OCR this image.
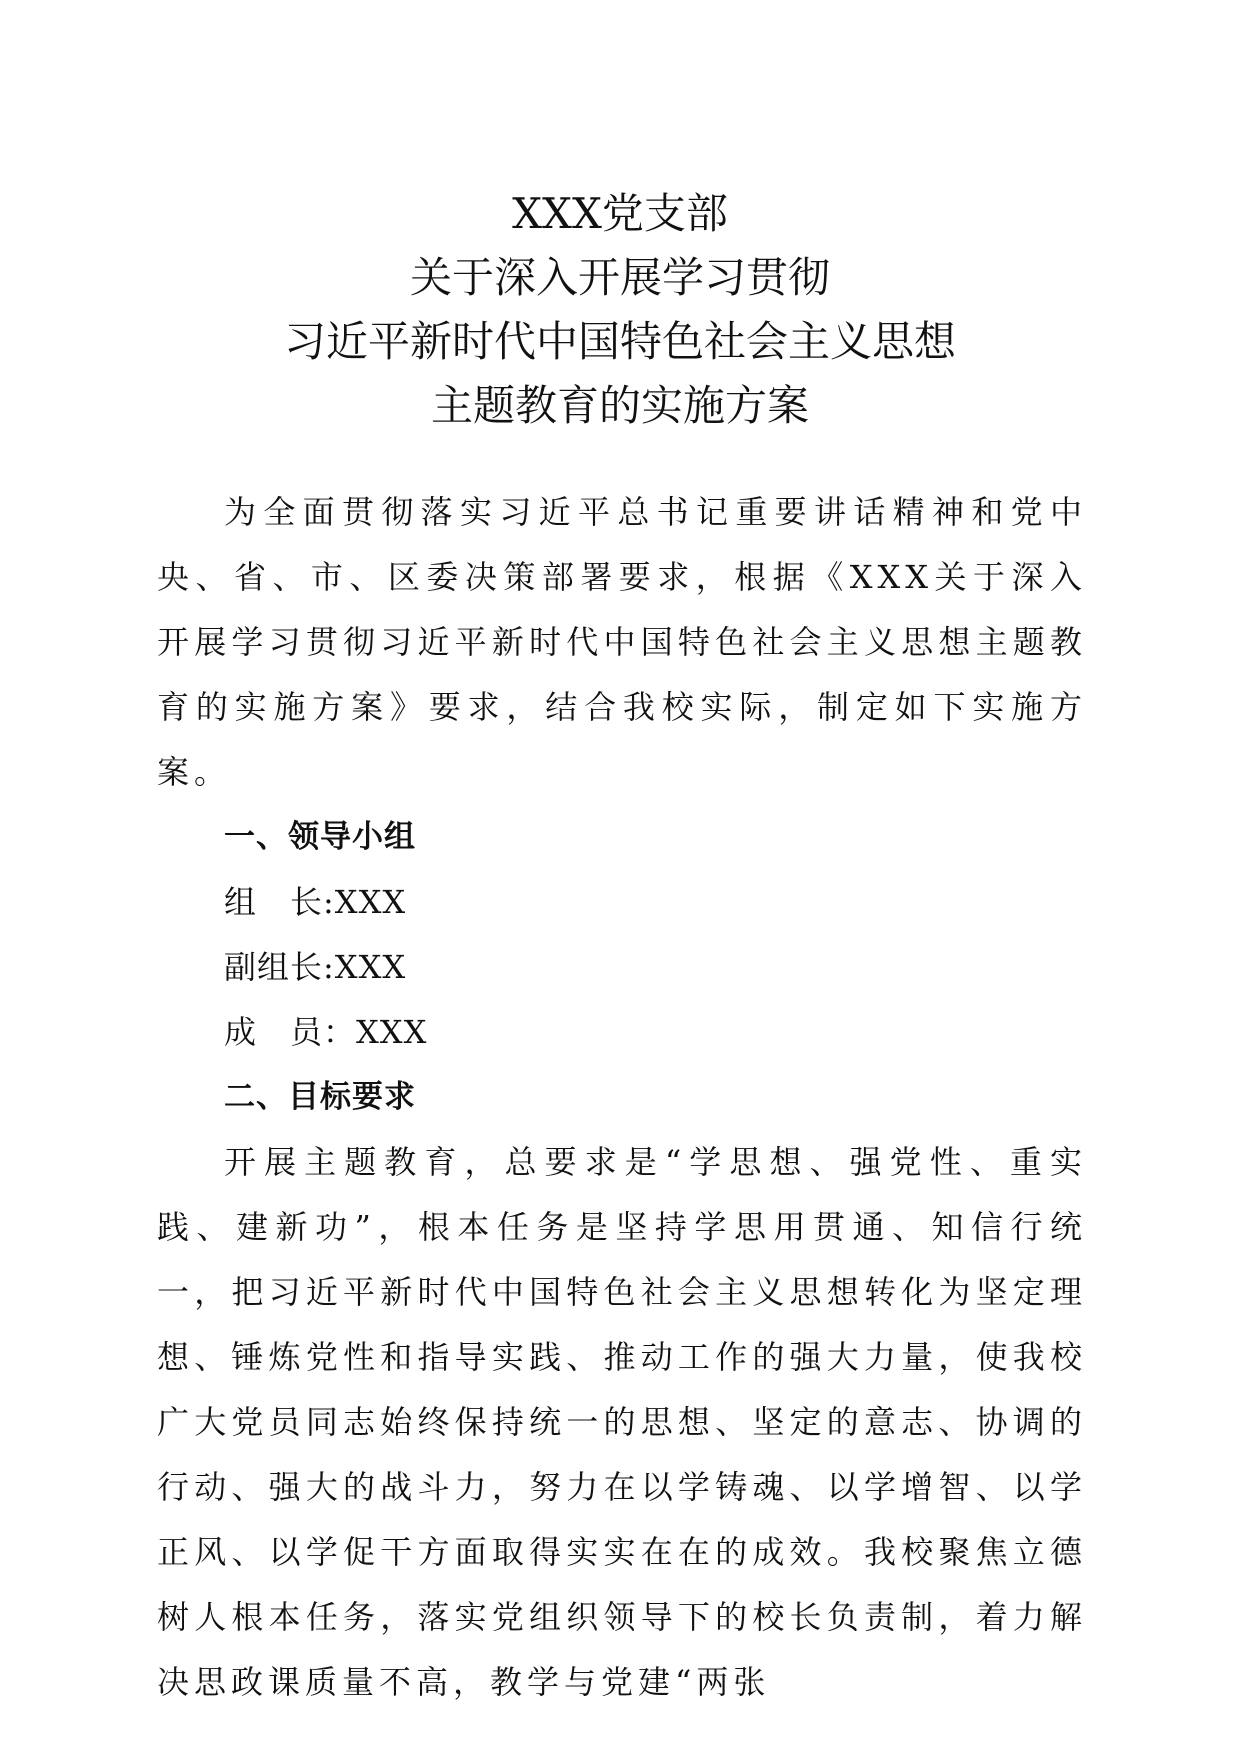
XXX党支部
关于深入开展学习贯彻
习近平新时代中国特色社会主义思想
主题教育的实施方案

为全面贯彻落实习近平总书记重要讲话精神和党中央、省、市、区委决策部署要求，根据《XXX关于深入开展学习贯彻习近平新时代中国特色社会主义思想主题教育的实施方案》要求，结合我校实际，制定如下实施方案。

一、领导小组

组　长:XXX

副组长:XXX

成　员：XXX

二、目标要求

开展主题教育，总要求是“学思想、强党性、重实践、建新功”，根本任务是坚持学思用贯通、知信行统一，把习近平新时代中国特色社会主义思想转化为坚定理想、锤炼党性和指导实践、推动工作的强大力量，使我校广大党员同志始终保持统一的思想、坚定的意志、协调的行动、强大的战斗力，努力在以学铸魂、以学增智、以学正风、以学促干方面取得实实在在的成效。我校聚焦立德树人根本任务，落实党组织领导下的校长负责制，着力解决思政课质量不高，教学与党建“两张
